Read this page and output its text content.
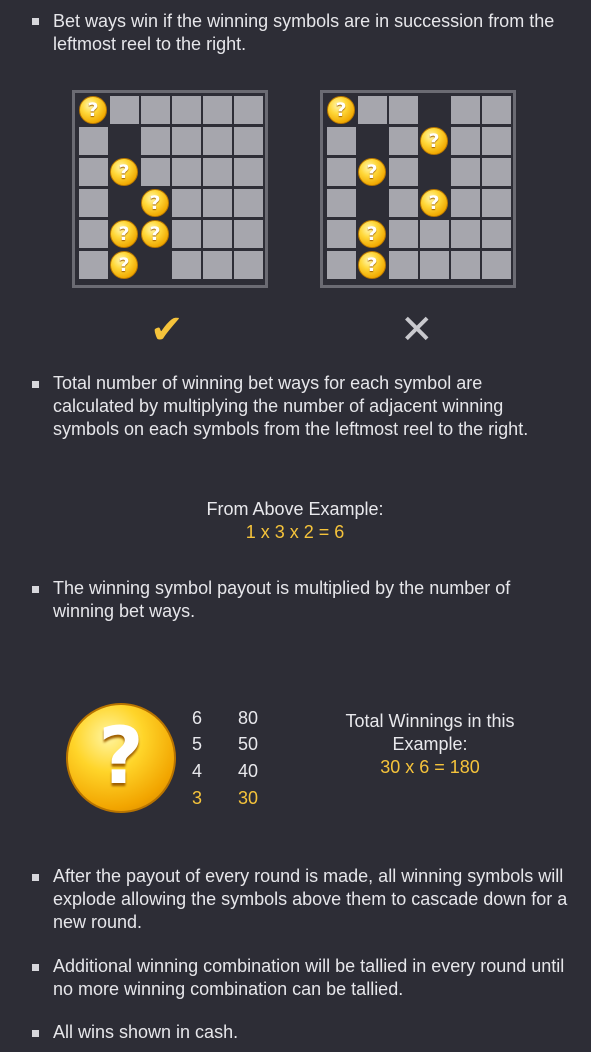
Bet ways win if the winning symbols are in succession from the leftmost reel to the right.
?
?
?
?	?
?
?
?
?
?
?
?
✔	✕
Total number of winning bet ways for each symbol are calculated by multiplying the number of adjacent winning symbols on each symbols from the leftmost reel to the right.
From Above Example:
1 x 3 x 2 = 6
The winning symbol payout is multiplied by the number of winning bet ways.
?	6 80
5 50
4 40
3 30
Total Winnings in this
Example:
30 x 6 = 180
After the payout of every round is made, all winning symbols will explode allowing the symbols above them to cascade down for a new round.
Additional winning combination will be tallied in every round until no more winning combination can be tallied.
All wins shown in cash.
